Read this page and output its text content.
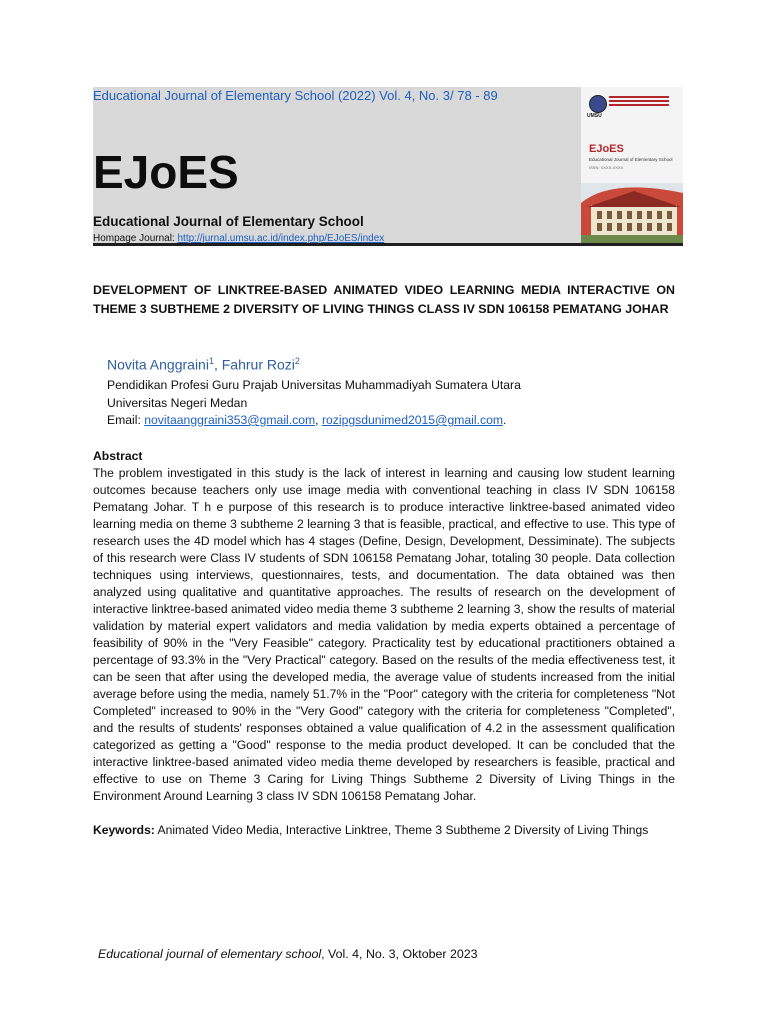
Educational Journal of Elementary School (2022) Vol. 4, No. 3/ 78 - 89
EJoES
Educational Journal of Elementary School
Hompage Journal: http://jurnal.umsu.ac.id/index.php/EJoES/index
UMSU
EJoES
Educational Journal of Elementary School
ISSN: XXXX-XXXX
DEVELOPMENT OF LINKTREE-BASED ANIMATED VIDEO LEARNING MEDIA INTERACTIVE ON THEME 3 SUBTHEME 2 DIVERSITY OF LIVING THINGS CLASS IV SDN 106158 PEMATANG JOHAR
Novita Anggraini$^1$, Fahrur Rozi$^2$
Pendidikan Profesi Guru Prajab Universitas Muhammadiyah Sumatera Utara
Universitas Negeri Medan
Email: novitaanggraini353@gmail.com, rozipgsdunimed2015@gmail.com.
Abstract
The problem investigated in this study is the lack of interest in learning and causing low student learning outcomes because teachers only use image media with conventional teaching in class IV SDN 106158 Pematang Johar. T h e purpose of this research is to produce interactive linktree-based animated video learning media on theme 3 subtheme 2 learning 3 that is feasible, practical, and effective to use. This type of research uses the 4D model which has 4 stages (Define, Design, Development, Dessiminate). The subjects of this research were Class IV students of SDN 106158 Pematang Johar, totaling 30 people. Data collection techniques using interviews, questionnaires, tests, and documentation. The data obtained was then analyzed using qualitative and quantitative approaches. The results of research on the development of interactive linktree-based animated video media theme 3 subtheme 2 learning 3, show the results of material validation by material expert validators and media validation by media experts obtained a percentage of feasibility of 90% in the "Very Feasible" category. Practicality test by educational practitioners obtained a percentage of 93.3% in the "Very Practical" category. Based on the results of the media effectiveness test, it can be seen that after using the developed media, the average value of students increased from the initial average before using the media, namely 51.7% in the "Poor" category with the criteria for completeness "Not Completed" increased to 90% in the "Very Good" category with the criteria for completeness "Completed", and the results of students' responses obtained a value qualification of 4.2 in the assessment qualification categorized as getting a "Good" response to the media product developed. It can be concluded that the interactive linktree-based animated video media theme developed by researchers is feasible, practical and effective to use on Theme 3 Caring for Living Things Subtheme 2 Diversity of Living Things in the Environment Around Learning 3 class IV SDN 106158 Pematang Johar.
Keywords: Animated Video Media, Interactive Linktree, Theme 3 Subtheme 2 Diversity of Living Things
Educational journal of elementary school, Vol. 4, No. 3, Oktober 2023
